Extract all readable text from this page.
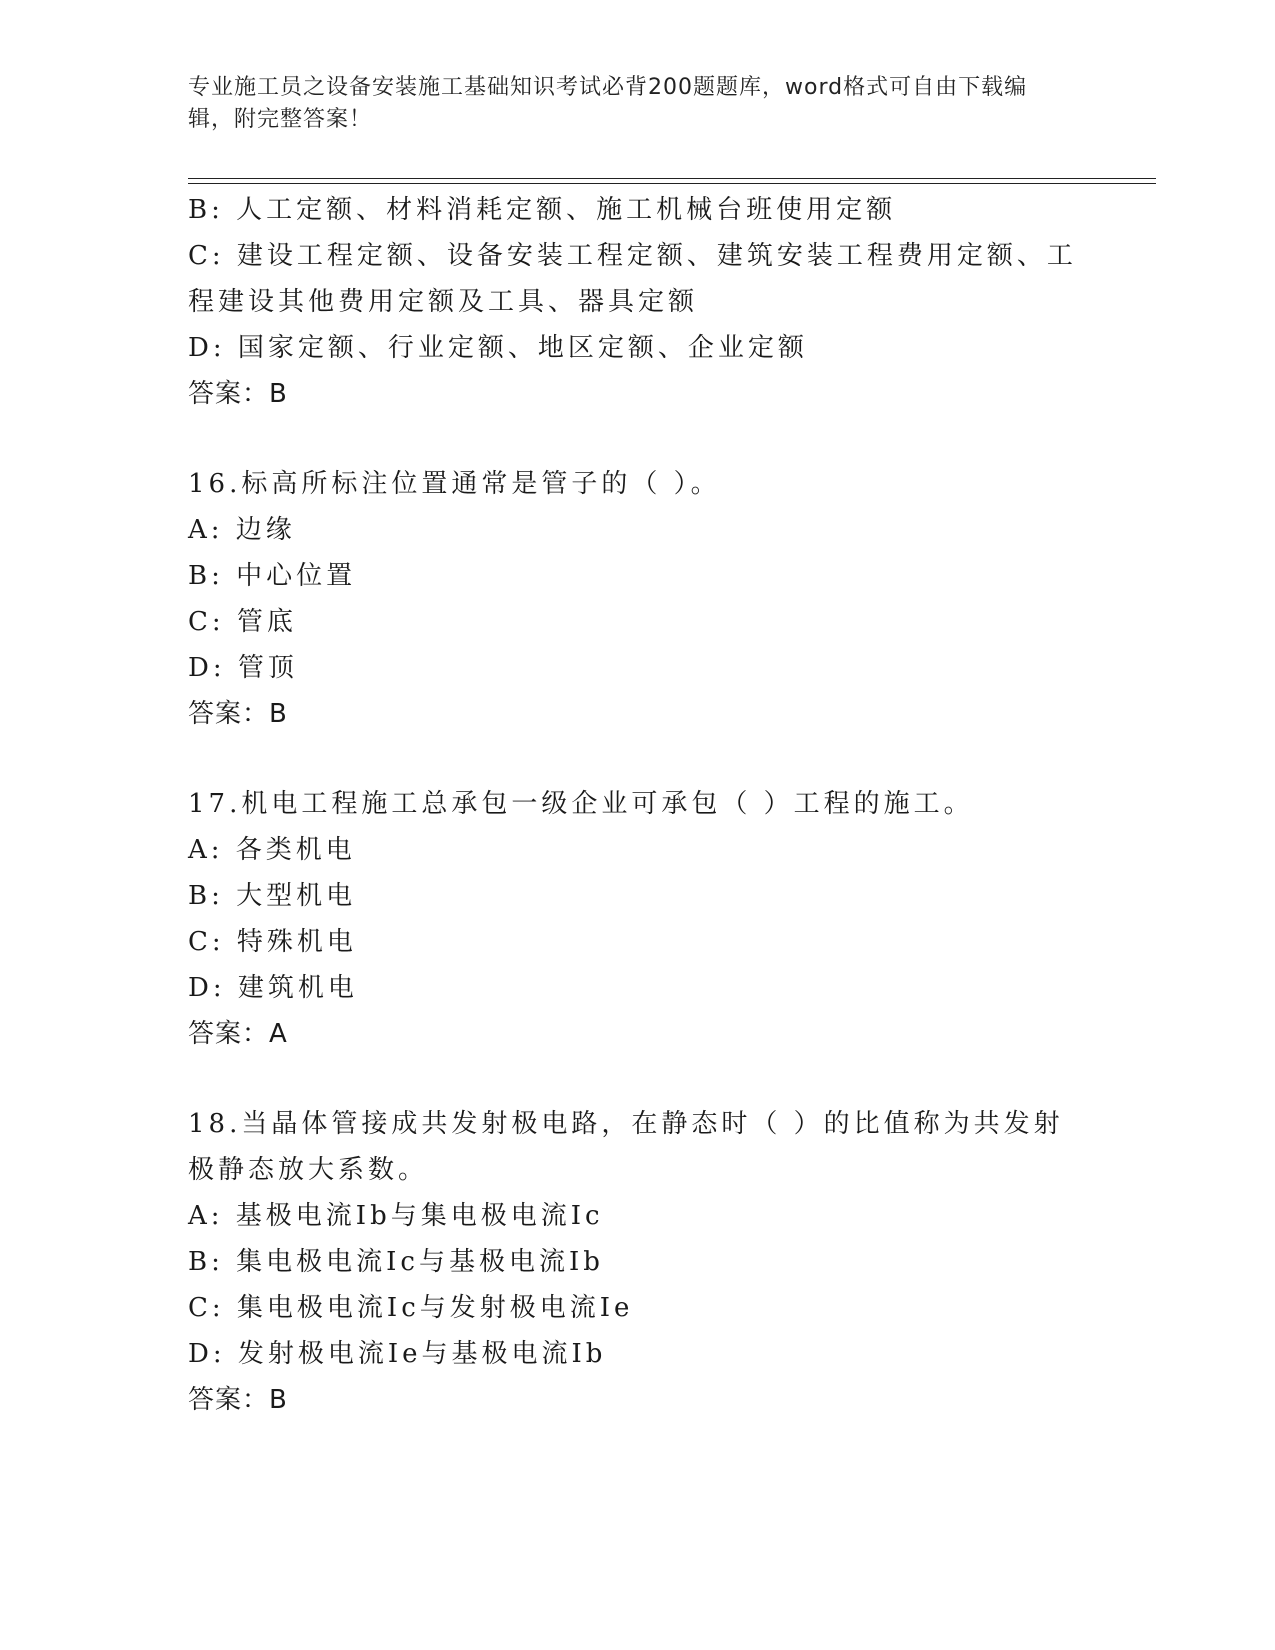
专业施工员之设备安装施工基础知识考试必背200题题库，word格式可自由下载编辑，附完整答案！
B: 人工定额、材料消耗定额、施工机械台班使用定额
C: 建设工程定额、设备安装工程定额、建筑安装工程费用定额、工程建设其他费用定额及工具、器具定额
D: 国家定额、行业定额、地区定额、企业定额
答案：B
16.标高所标注位置通常是管子的（ ）。
A: 边缘
B: 中心位置
C: 管底
D: 管顶
答案：B
17.机电工程施工总承包一级企业可承包（ ）工程的施工。
A: 各类机电
B: 大型机电
C: 特殊机电
D: 建筑机电
答案：A
18.当晶体管接成共发射极电路，在静态时（ ）的比值称为共发射极静态放大系数。
A: 基极电流Ib与集电极电流Ic
B: 集电极电流Ic与基极电流Ib
C: 集电极电流Ic与发射极电流Ie
D: 发射极电流Ie与基极电流Ib
答案：B
